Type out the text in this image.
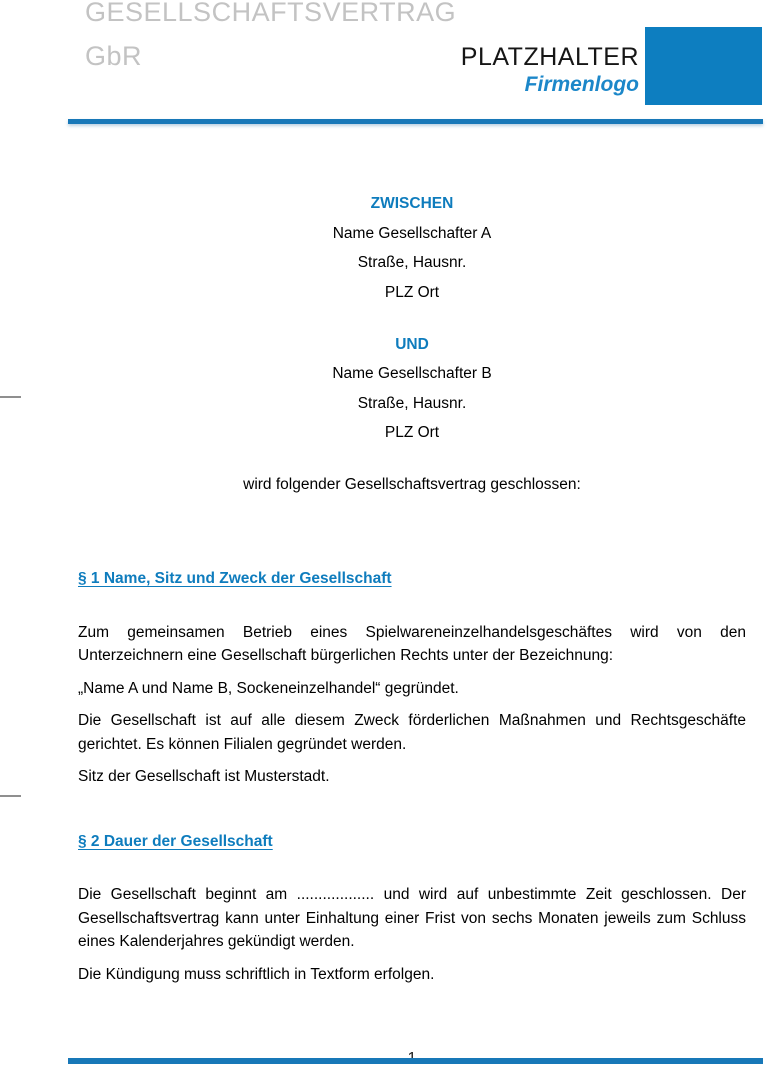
GESELLSCHAFTSVERTRAG
GbR	PLATZHALTER
Firmenlogo

ZWISCHEN

Name Gesellschafter A

Straße, Hausnr.

PLZ Ort

UND

Name Gesellschafter B

Straße, Hausnr.

PLZ Ort

wird folgender Gesellschaftsvertrag geschlossen:

§ 1 Name, Sitz und Zweck der Gesellschaft

Zum gemeinsamen Betrieb eines Spielwareneinzelhandelsgeschäftes wird von den Unterzeichnern eine Gesellschaft bürgerlichen Rechts unter der Bezeichnung:

„Name A und Name B, Sockeneinzelhandel“ gegründet.

Die Gesellschaft ist auf alle diesem Zweck förderlichen Maßnahmen und Rechtsgeschäfte gerichtet. Es können Filialen gegründet werden.

Sitz der Gesellschaft ist Musterstadt.

§ 2 Dauer der Gesellschaft

Die Gesellschaft beginnt am .................. und wird auf unbestimmte Zeit geschlossen. Der Gesellschaftsvertrag kann unter Einhaltung einer Frist von sechs Monaten jeweils zum Schluss eines Kalenderjahres gekündigt werden.

Die Kündigung muss schriftlich in Textform erfolgen.
